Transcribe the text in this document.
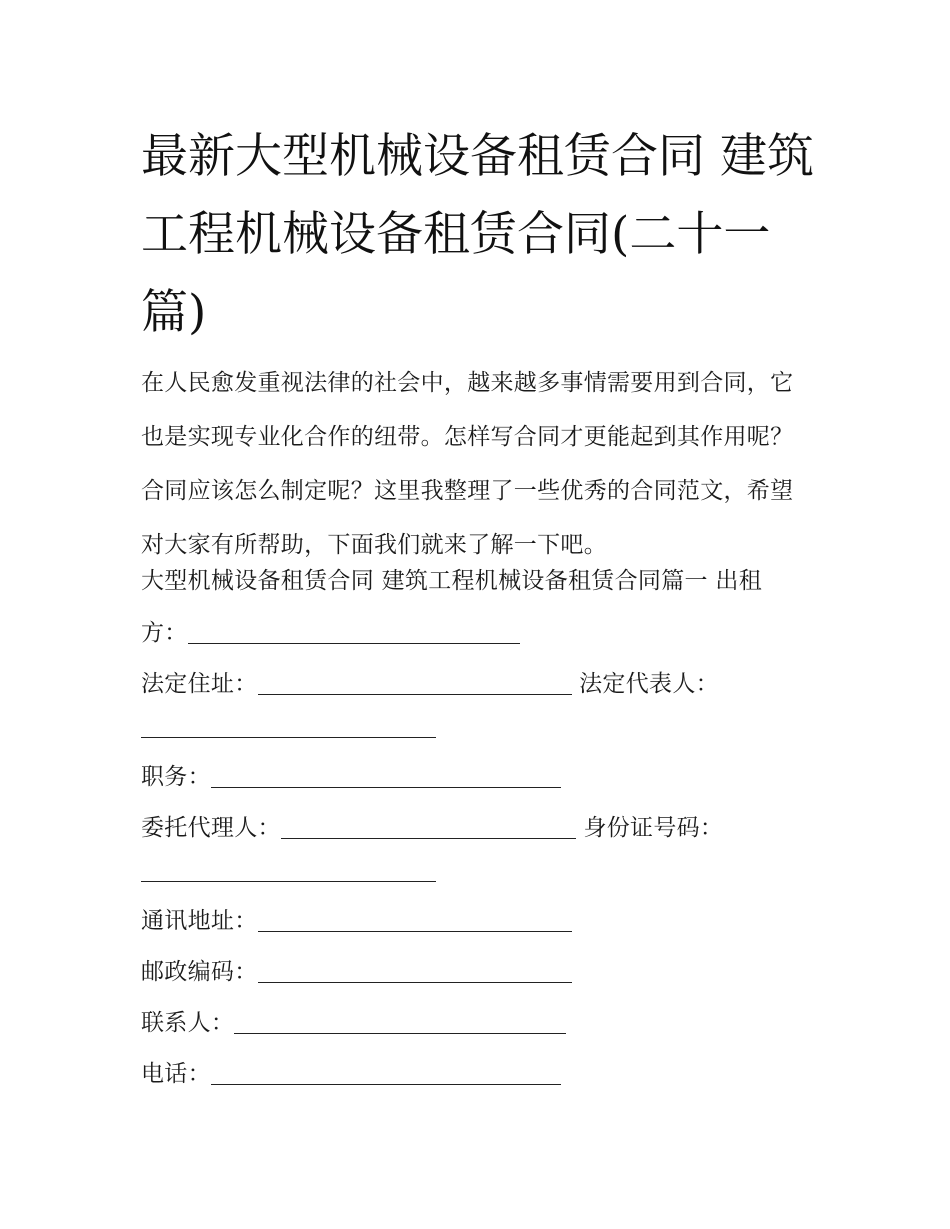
最新大型机械设备租赁合同 建筑工程机械设备租赁合同(二十一篇)

在人民愈发重视法律的社会中，越来越多事情需要用到合同，它也是实现专业化合作的纽带。怎样写合同才更能起到其作用呢？合同应该怎么制定呢？这里我整理了一些优秀的合同范文，希望对大家有所帮助，下面我们就来了解一下吧。

大型机械设备租赁合同 建筑工程机械设备租赁合同篇一 出租
方：
法定住址：	法定代表人：
职务：
委托代理人：	身份证号码：
通讯地址：
邮政编码：
联系人：
电话：
